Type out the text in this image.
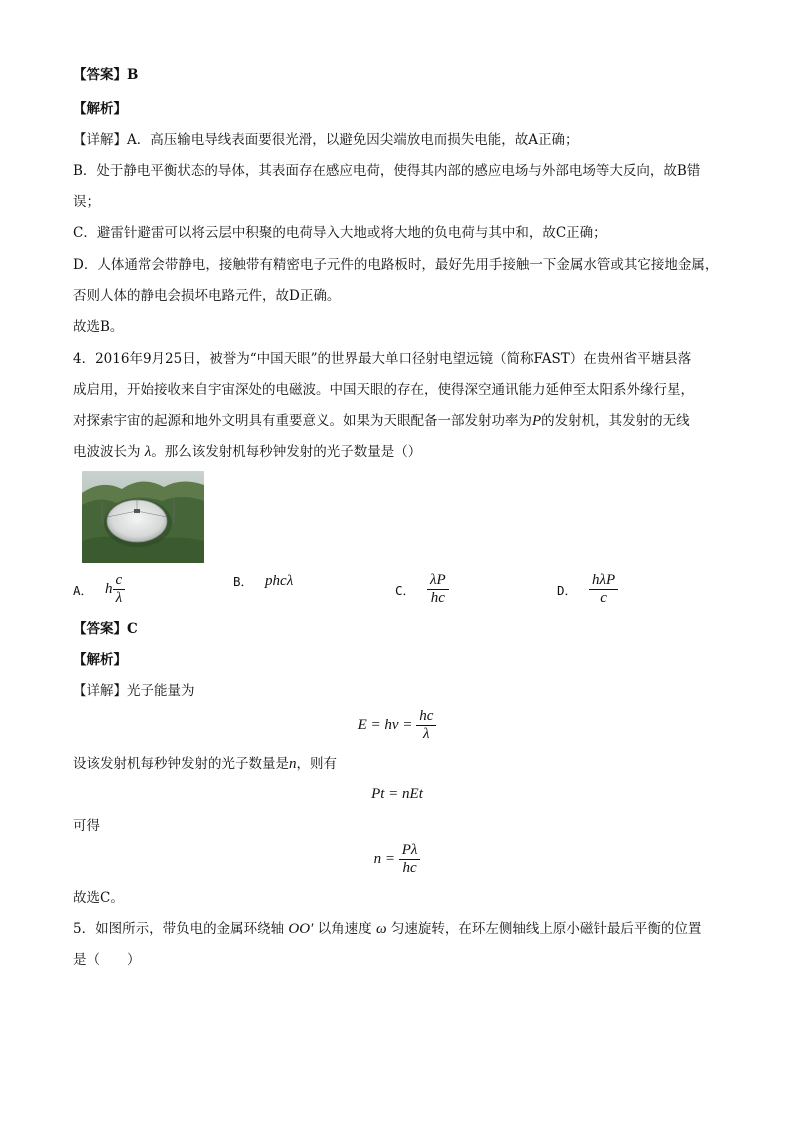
【答案】B
【解析】
【详解】A．高压输电导线表面要很光滑，以避免因尖端放电而损失电能，故A正确；
B．处于静电平衡状态的导体，其表面存在感应电荷，使得其内部的感应电场与外部电场等大反向，故B错
误；
C．避雷针避雷可以将云层中积聚的电荷导入大地或将大地的负电荷与其中和，故C正确；
D．人体通常会带静电，接触带有精密电子元件的电路板时，最好先用手接触一下金属水管或其它接地金属，
否则人体的静电会损坏电路元件，故D正确。
故选B。
4．2016年9月25日，被誉为“中国天眼”的世界最大单口径射电望远镜（简称FAST）在贵州省平塘县落
成启用，开始接收来自宇宙深处的电磁波。中国天眼的存在，使得深空通讯能力延伸至太阳系外缘行星，
对探索宇宙的起源和地外文明具有重要意义。如果为天眼配备一部发射功率为P的发射机，其发射的无线
电波波长为 λ。那么该发射机每秒钟发射的光子数量是（）
A． h $\frac{c}{\lambda}$	B． phcλ
C． $\frac{\lambda P}{hc}$	D． $\frac{\text{hλP}}{c}$
【答案】C
【解析】
【详解】光子能量为
$E = h\nu = \frac{hc}{\lambda}$
设该发射机每秒钟发射的光子数量是n，则有
Pt = nEt
可得
$n = \frac{P\lambda}{hc}$
故选C。
5．如图所示，带负电的金属环绕轴 OO′ 以角速度 ω 匀速旋转，在环左侧轴线上原小磁针最后平衡的位置
是（　　）
